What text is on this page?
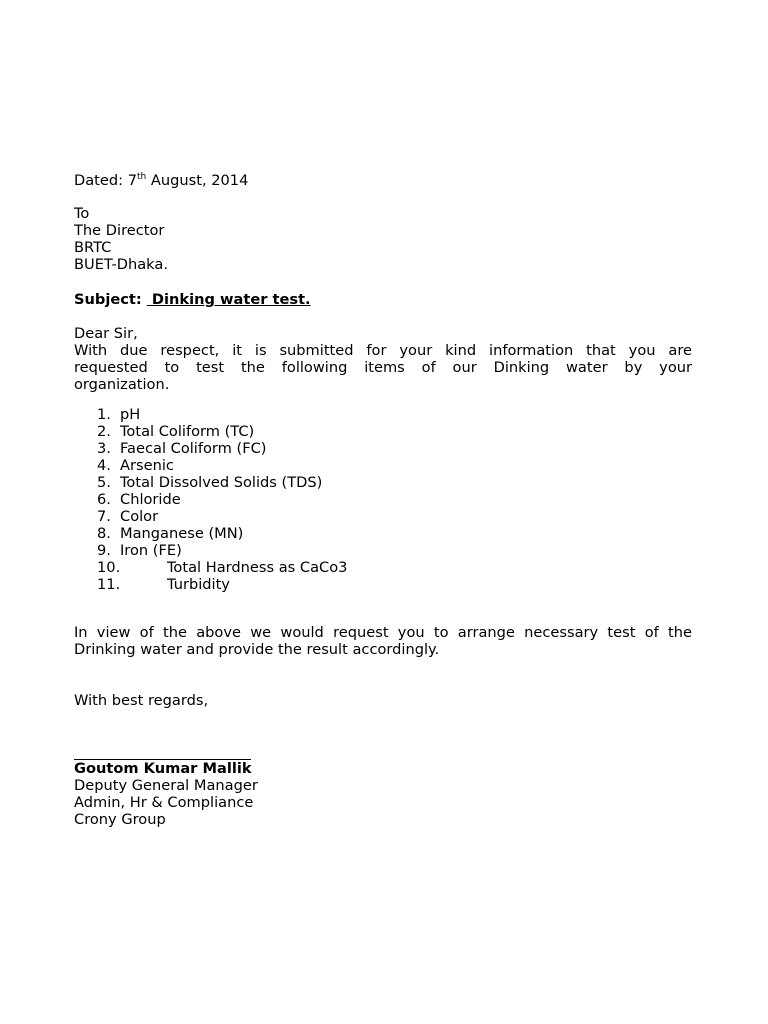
Dated: 7th August, 2014
To
The Director
BRTC
BUET-Dhaka.
Subject:  Dinking water test.
Dear Sir,
With due respect, it is submitted for your kind information that you are
requested to test the following items of our Dinking water by your
organization.
1. pH
2. Total Coliform (TC)
3. Faecal Coliform (FC)
4. Arsenic
5. Total Dissolved Solids (TDS)
6. Chloride
7. Color
8. Manganese (MN)
9. Iron (FE)
10.	Total Hardness as CaCo3
11.	Turbidity
In view of the above we would request you to arrange necessary test of the
Drinking water and provide the result accordingly.
With best regards,
Goutom Kumar Mallik
Deputy General Manager
Admin, Hr & Compliance
Crony Group
